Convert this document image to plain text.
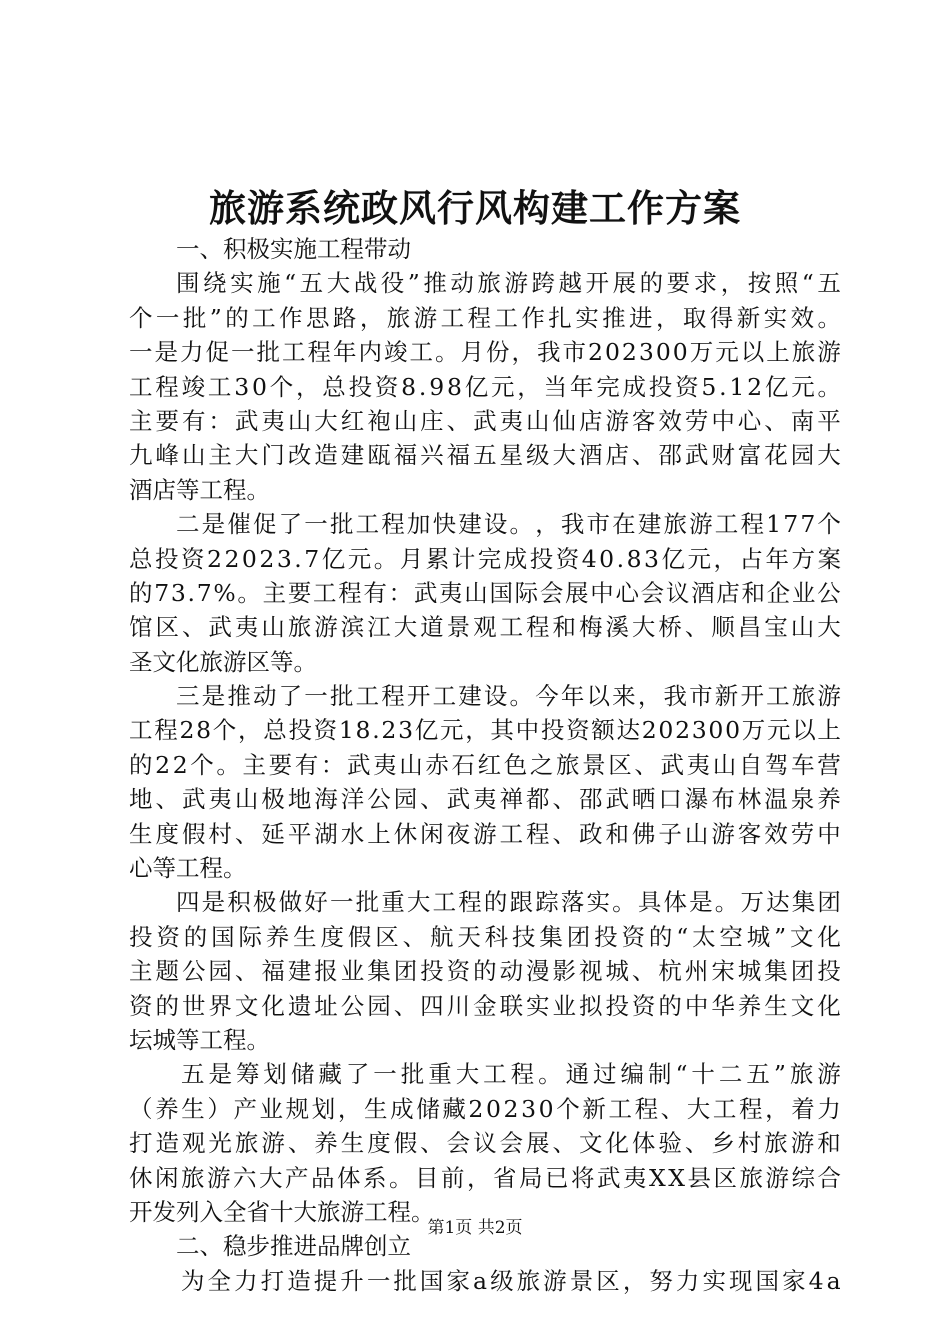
旅游系统政风行风构建工作方案
一、积极实施工程带动
围 绕 实 施 “ 五 大 战 役 ” 推 动 旅 游 跨 越 开 展 的 要 求 ， 按 照 “ 五
个 一 批 ” 的 工 作 思 路 ， 旅 游 工 程 工 作 扎 实 推 进 ， 取 得 新 实 效 。
一 是 力 促 一 批 工 程 年 内 竣 工 。 月 份 ， 我 市 2 0 2 3 0 0 万 元 以 上 旅 游
工 程 竣 工 3 0 个 ， 总 投 资 8 . 9 8 亿 元 ， 当 年 完 成 投 资 5 . 1 2 亿 元 。
主 要 有 ： 武 夷 山 大 红 袍 山 庄 、 武 夷 山 仙 店 游 客 效 劳 中 心 、 南 平
九 峰 山 主 大 门 改 造 建 瓯 福 兴 福 五 星 级 大 酒 店 、 邵 武 财 富 花 园 大
酒店等工程。
二 是 催 促 了 一 批 工 程 加 快 建 设 。 ， 我 市 在 建 旅 游 工 程 1 7 7 个
总 投 资 2 2 0 2 3 . 7 亿 元 。 月 累 计 完 成 投 资 4 0 . 8 3 亿 元 ， 占 年 方 案
的 7 3 . 7 % 。 主 要 工 程 有 ： 武 夷 山 国 际 会 展 中 心 会 议 酒 店 和 企 业 公
馆 区 、 武 夷 山 旅 游 滨 江 大 道 景 观 工 程 和 梅 溪 大 桥 、 顺 昌 宝 山 大
圣文化旅游区等。
三 是 推 动 了 一 批 工 程 开 工 建 设 。 今 年 以 来 ， 我 市 新 开 工 旅 游
工 程 2 8 个 ， 总 投 资 1 8 . 2 3 亿 元 ， 其 中 投 资 额 达 2 0 2 3 0 0 万 元 以 上
的 2 2 个 。 主 要 有 ： 武 夷 山 赤 石 红 色 之 旅 景 区 、 武 夷 山 自 驾 车 营
地 、 武 夷 山 极 地 海 洋 公 园 、 武 夷 禅 都 、 邵 武 晒 口 瀑 布 林 温 泉 养
生 度 假 村 、 延 平 湖 水 上 休 闲 夜 游 工 程 、 政 和 佛 子 山 游 客 效 劳 中
心等工程。
四 是 积 极 做 好 一 批 重 大 工 程 的 跟 踪 落 实 。 具 体 是 。 万 达 集 团
投 资 的 国 际 养 生 度 假 区 、 航 天 科 技 集 团 投 资 的 “ 太 空 城 ” 文 化
主 题 公 园 、 福 建 报 业 集 团 投 资 的 动 漫 影 视 城 、 杭 州 宋 城 集 团 投
资 的 世 界 文 化 遗 址 公 园 、 四 川 金 联 实 业 拟 投 资 的 中 华 养 生 文 化
坛城等工程。
五 是 筹 划 储 藏 了 一 批 重 大 工 程 。 通 过 编 制 “ 十 二 五 ” 旅 游
（ 养 生 ） 产 业 规 划 ， 生 成 储 藏 2 0 2 3 0 个 新 工 程 、 大 工 程 ， 着 力
打 造 观 光 旅 游 、 养 生 度 假 、 会 议 会 展 、 文 化 体 验 、 乡 村 旅 游 和
休 闲 旅 游 六 大 产 品 体 系 。 目 前 ， 省 局 已 将 武 夷 X X 县 区 旅 游 综 合
开发列入全省十大旅游工程。
二、稳步推进品牌创立
为 全 力 打 造 提 升 一 批 国 家 a 级 旅 游 景 区 ， 努 力 实 现 国 家 4 a
第1页 共2页
